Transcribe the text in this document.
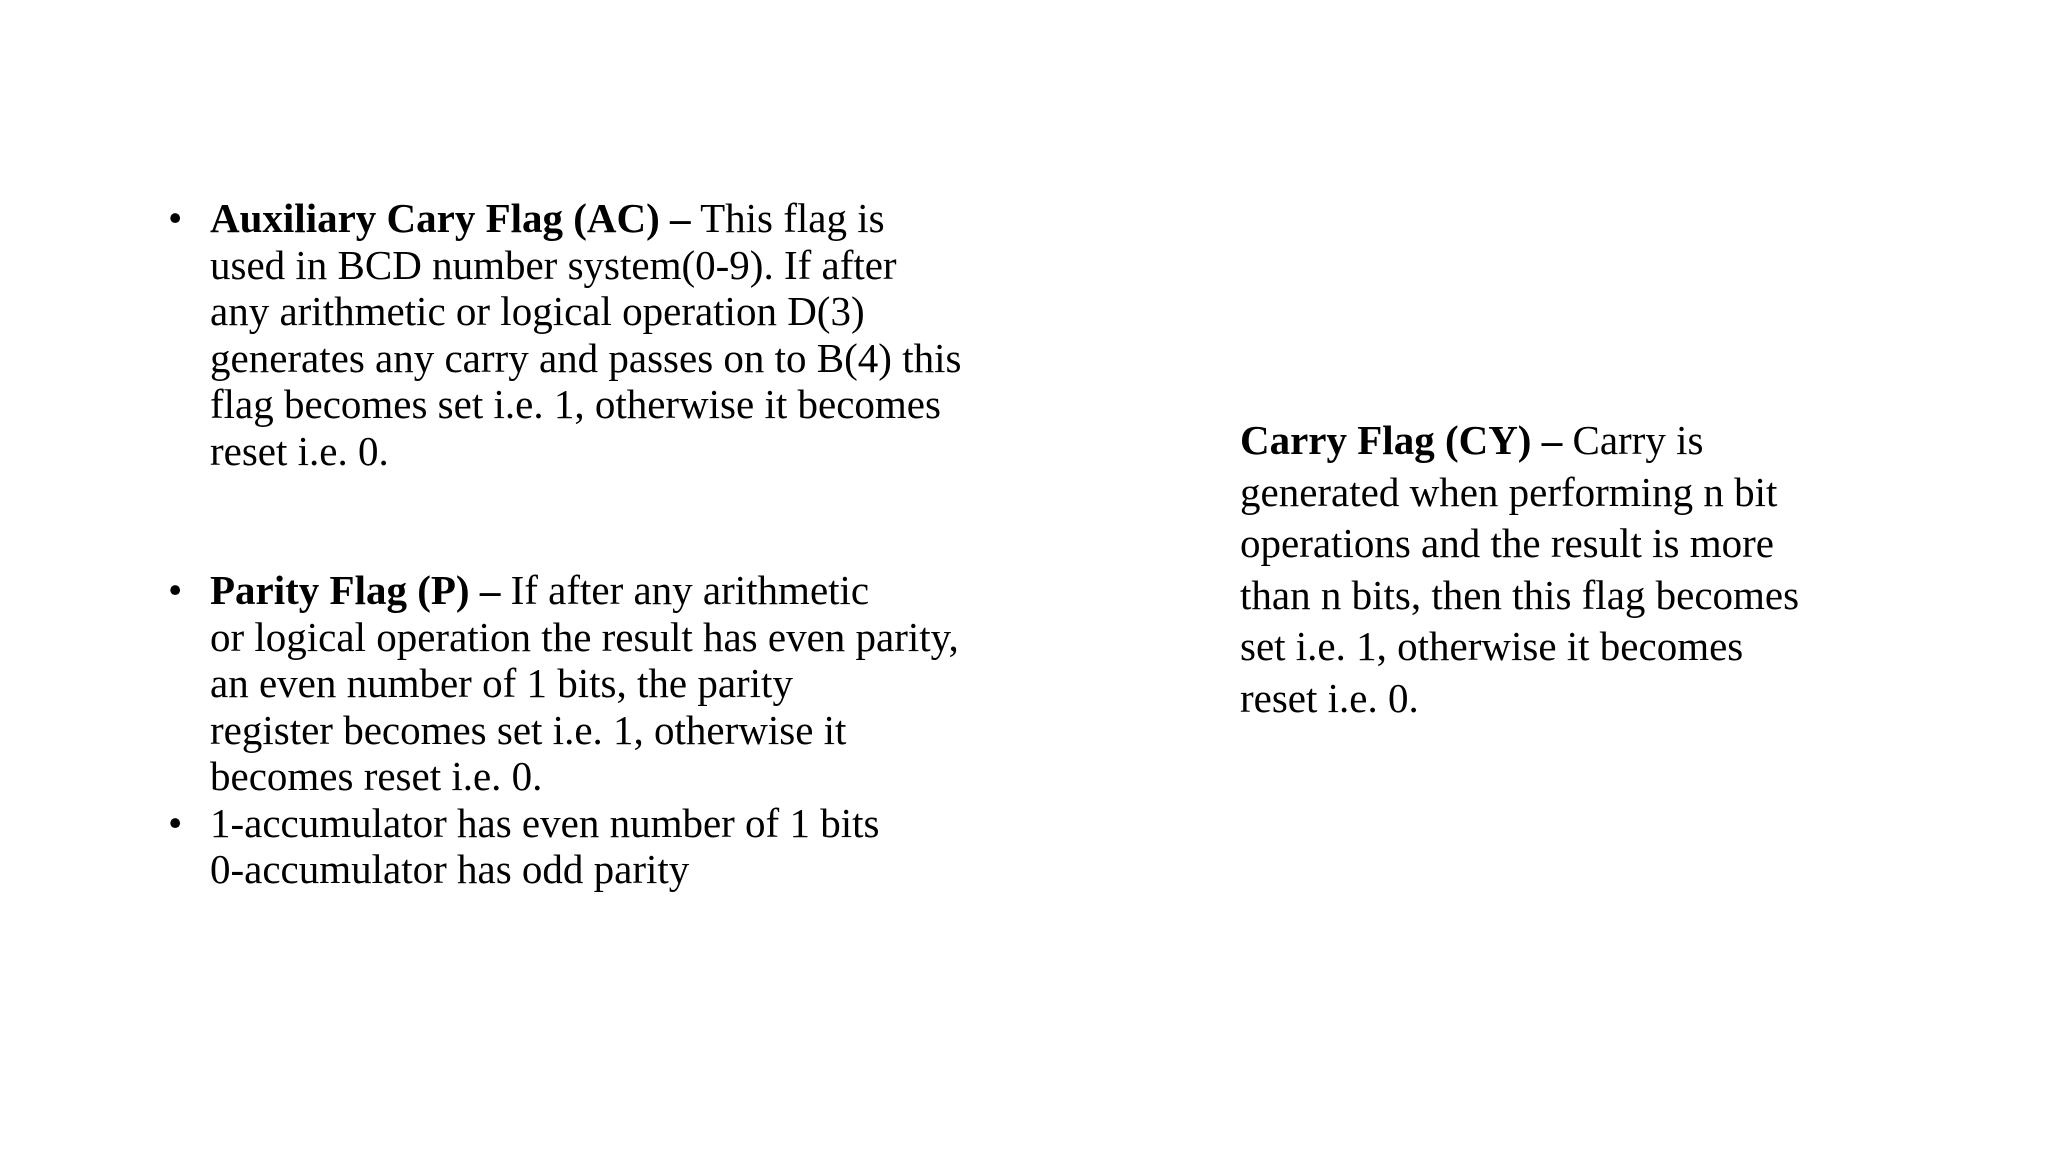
• Auxiliary Cary Flag (AC) – This flag is
used in BCD number system(0-9). If after
any arithmetic or logical operation D(3)
generates any carry and passes on to B(4) this
flag becomes set i.e. 1, otherwise it becomes
reset i.e. 0.
• Parity Flag (P) – If after any arithmetic
or logical operation the result has even parity,
an even number of 1 bits, the parity
register becomes set i.e. 1, otherwise it
becomes reset i.e. 0.
• 1-accumulator has even number of 1 bits
0-accumulator has odd parity
Carry Flag (CY) – Carry is
generated when performing n bit
operations and the result is more
than n bits, then this flag becomes
set i.e. 1, otherwise it becomes
reset i.e. 0.
